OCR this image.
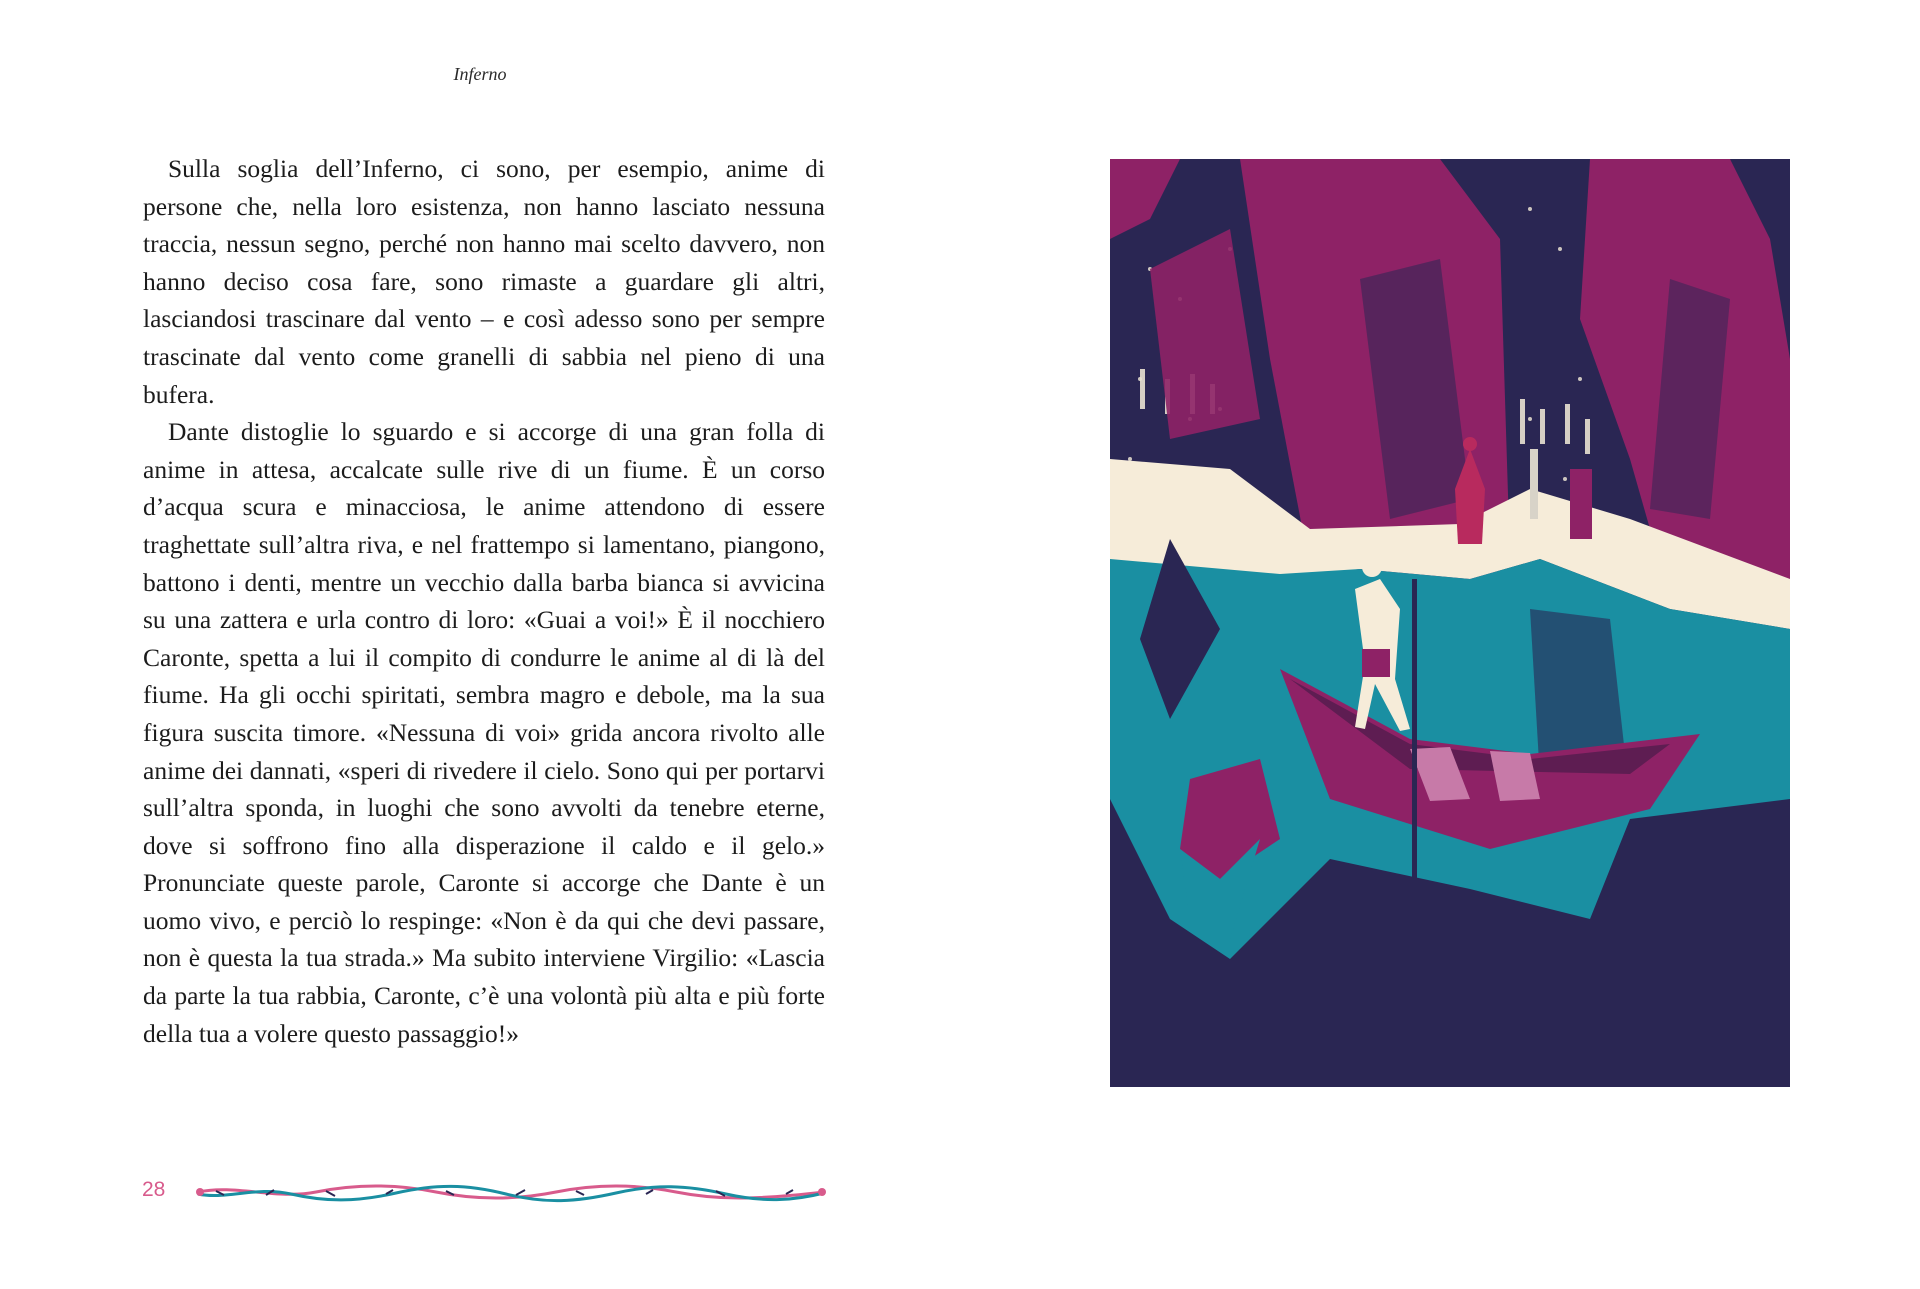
Inferno

Sulla soglia dell’Inferno, ci sono, per esempio, anime di persone che, nella loro esistenza, non hanno lasciato nessuna traccia, nessun segno, perché non hanno mai scelto davvero, non hanno deciso cosa fare, sono rimaste a guardare gli altri, lasciandosi trascinare dal vento – e così adesso sono per sempre trascinate dal vento come granelli di sabbia nel pieno di una bufera.

Dante distoglie lo sguardo e si accorge di una gran folla di anime in attesa, accalcate sulle rive di un fiume. È un corso d’acqua scura e minacciosa, le anime attendono di essere traghettate sull’altra riva, e nel frattempo si lamentano, piangono, battono i denti, mentre un vecchio dalla barba bianca si avvicina su una zattera e urla contro di loro: «Guai a voi!» È il nocchiero Caronte, spetta a lui il compito di condurre le anime al di là del fiume. Ha gli occhi spiritati, sembra magro e debole, ma la sua figura suscita timore. «Nessuna di voi» grida ancora rivolto alle anime dei dannati, «speri di rivedere il cielo. Sono qui per portarvi sull’altra sponda, in luoghi che sono avvolti da tenebre eterne, dove si soffrono fino alla disperazione il caldo e il gelo.» Pronunciate queste parole, Caronte si accorge che Dante è un uomo vivo, e perciò lo respinge: «Non è da qui che devi passare, non è questa la tua strada.» Ma subito interviene Virgilio: «Lascia da parte la tua rabbia, Caronte, c’è una volontà più alta e più forte della tua a volere questo passaggio!»

28
